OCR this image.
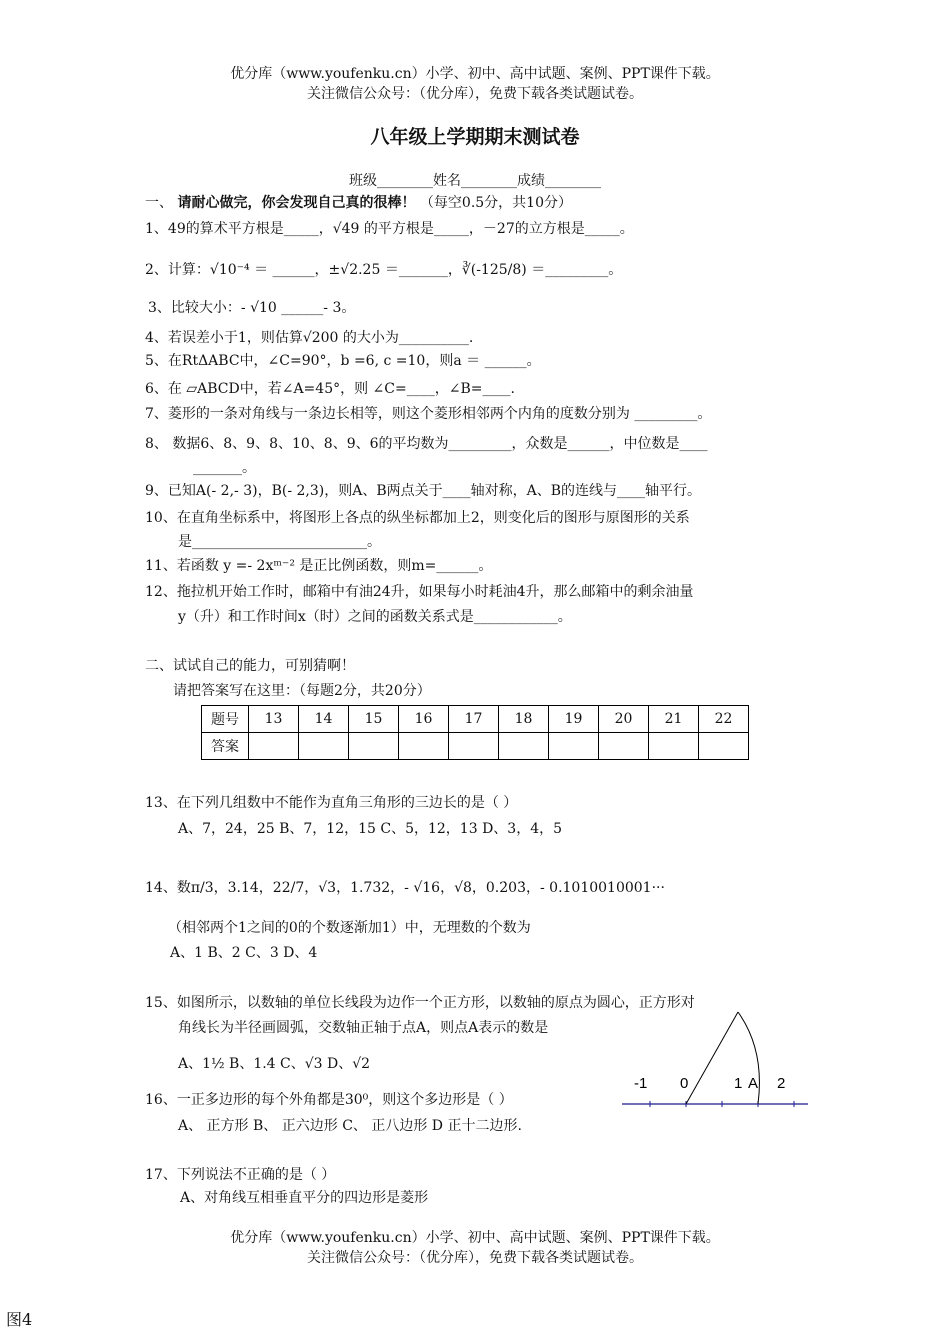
优分库（www.youfenku.cn）小学、初中、高中试题、案例、PPT课件下载。
关注微信公众号：（优分库），免费下载各类试题试卷。
八年级上学期期末测试卷
班级________姓名________成绩________
一、 请耐心做完，你会发现自己真的很棒！ （每空0.5分，共10分）
1、49的算术平方根是_____，√49 的平方根是_____，－27的立方根是_____。
2、计算：√10⁻⁴ ＝ ______，±√2.25 ＝_______，∛(-125/8) ＝_________。
3、比较大小：- √10 ______- 3。
4、若误差小于1，则估算√200 的大小为__________.
5、在RtΔABC中，∠C=90°，b =6, c =10，则a ＝ ______。
6、在 ▱ABCD中，若∠A=45°，则 ∠C=____，∠B=____.
7、菱形的一条对角线与一条边长相等，则这个菱形相邻两个内角的度数分别为 _________。
8、 数据6、8、9、8、10、8、9、6的平均数为_________，众数是______，中位数是____
_______。
9、已知A(- 2,- 3)，B(- 2,3)，则A、B两点关于____轴对称，A、B的连线与____轴平行。
10、在直角坐标系中，将图形上各点的纵坐标都加上2，则变化后的图形与原图形的关系
是_________________________。
11、若函数 y =- 2xᵐ⁻² 是正比例函数，则m=______。
12、拖拉机开始工作时，邮箱中有油24升，如果每小时耗油4升，那么邮箱中的剩余油量
y（升）和工作时间x（时）之间的函数关系式是____________。
二、试试自己的能力，可别猜啊！
请把答案写在这里：（每题2分，共20分）
题号	13	14	15	16	17	18	19	20	21	22
答案										
13、在下列几组数中不能作为直角三角形的三边长的是（ ）
A、7，24，25 B、7，12，15 C、5，12，13 D、3，4，5
14、数π/3，3.14，22/7，√3，1.732，- √16，√8，0.2̇03̇，- 0.1010010001···
（相邻两个1之间的0的个数逐渐加1）中，无理数的个数为
A、1 B、2 C、3 D、4
15、如图所示，以数轴的单位长线段为边作一个正方形，以数轴的原点为圆心，正方形对
角线长为半径画圆弧，交数轴正轴于点A，则点A表示的数是
A、1½ B、1.4 C、√3 D、√2
-1 0	1 A 2
16、一正多边形的每个外角都是30⁰，则这个多边形是（ ）
A、 正方形 B、 正六边形 C、 正八边形 D 正十二边形.
17、下列说法不正确的是（ ）
A、对角线互相垂直平分的四边形是菱形
优分库（www.youfenku.cn）小学、初中、高中试题、案例、PPT课件下载。
关注微信公众号：（优分库），免费下载各类试题试卷。
图4
